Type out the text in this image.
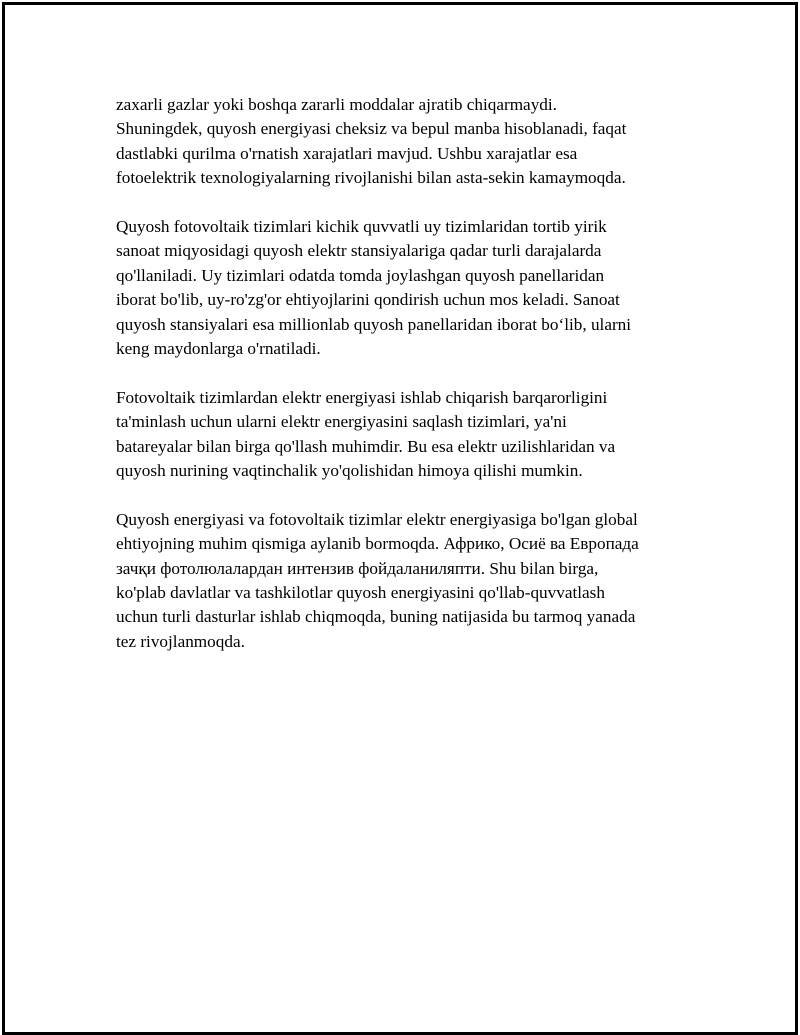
zaxarli gazlar yoki boshqa zararli moddalar ajratib chiqarmaydi.
Shuningdek, quyosh energiyasi cheksiz va bepul manba hisoblanadi, faqat
dastlabki qurilma o'rnatish xarajatlari mavjud. Ushbu xarajatlar esa
fotoelektrik texnologiyalarning rivojlanishi bilan asta-sekin kamaymoqda.

Quyosh fotovoltaik tizimlari kichik quvvatli uy tizimlaridan tortib yirik
sanoat miqyosidagi quyosh elektr stansiyalariga qadar turli darajalarda
qo'llaniladi. Uy tizimlari odatda tomda joylashgan quyosh panellaridan
iborat bo'lib, uy-ro'zg'or ehtiyojlarini qondirish uchun mos keladi. Sanoat
quyosh stansiyalari esa millionlab quyosh panellaridan iborat bo‘lib, ularni
keng maydonlarga o'rnatiladi.

Fotovoltaik tizimlardan elektr energiyasi ishlab chiqarish barqarorligini
ta'minlash uchun ularni elektr energiyasini saqlash tizimlari, ya'ni
batareyalar bilan birga qo'llash muhimdir. Bu esa elektr uzilishlaridan va
quyosh nurining vaqtinchalik yo'qolishidan himoya qilishi mumkin.

Quyosh energiyasi va fotovoltaik tizimlar elektr energiyasiga bo'lgan global
ehtiyojning muhim qismiga aylanib bormoqda. Африко, Осиё ва Европада
зачқи фотолюлалардан интензив фойдаланиляпти. Shu bilan birga,
ko'plab davlatlar va tashkilotlar quyosh energiyasini qo'llab-quvvatlash
uchun turli dasturlar ishlab chiqmoqda, buning natijasida bu tarmoq yanada
tez rivojlanmoqda.
